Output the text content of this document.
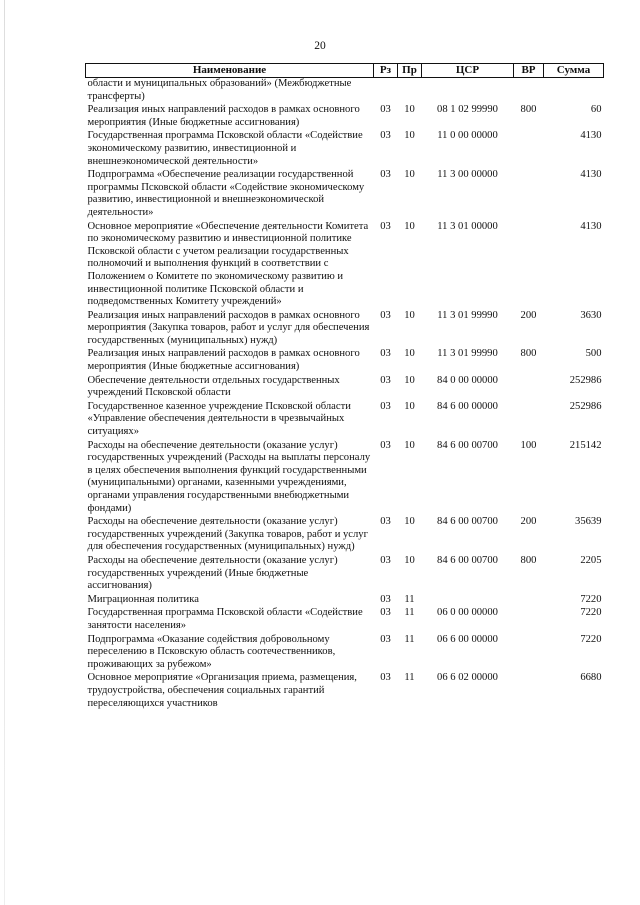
20
Наименование	Рз	Пр	ЦСР	ВР	Сумма
области и муниципальных образований» (Межбюджетные трансферты)					
Реализация иных направлений расходов в рамках основного мероприятия (Иные бюджетные ассигнования)	03	10	08 1 02 99990	800	60
Государственная программа Псковской области «Содействие экономическому развитию, инвестиционной и внешнеэкономической деятельности»	03	10	11 0 00 00000		4130
Подпрограмма «Обеспечение реализации государственной программы Псковской области «Содействие экономическому развитию, инвестиционной и внешнеэкономической деятельности»	03	10	11 3 00 00000		4130
Основное мероприятие «Обеспечение деятельности Комитета по экономическому развитию и инвестиционной политике Псковской области с учетом реализации государственных полномочий и выполнения функций в соответствии с Положением о Комитете по экономическому развитию и инвестиционной политике Псковской области и подведомственных Комитету учреждений»	03	10	11 3 01 00000		4130
Реализация иных направлений расходов в рамках основного мероприятия (Закупка товаров, работ и услуг для обеспечения государственных (муниципальных) нужд)	03	10	11 3 01 99990	200	3630
Реализация иных направлений расходов в рамках основного мероприятия (Иные бюджетные ассигнования)	03	10	11 3 01 99990	800	500
Обеспечение деятельности отдельных государственных учреждений Псковской области	03	10	84 0 00 00000		252986
Государственное казенное учреждение Псковской области «Управление обеспечения деятельности в чрезвычайных ситуациях»	03	10	84 6 00 00000		252986
Расходы на обеспечение деятельности (оказание услуг) государственных учреждений (Расходы на выплаты персоналу в целях обеспечения выполнения функций государственными (муниципальными) органами, казенными учреждениями, органами управления государственными внебюджетными фондами)	03	10	84 6 00 00700	100	215142
Расходы на обеспечение деятельности (оказание услуг) государственных учреждений (Закупка товаров, работ и услуг для обеспечения государственных (муниципальных) нужд)	03	10	84 6 00 00700	200	35639
Расходы на обеспечение деятельности (оказание услуг) государственных учреждений (Иные бюджетные ассигнования)	03	10	84 6 00 00700	800	2205
Миграционная политика	03	11			7220
Государственная программа Псковской области «Содействие занятости населения»	03	11	06 0 00 00000		7220
Подпрограмма «Оказание содействия добровольному переселению в Псковскую область соотечественников, проживающих за рубежом»	03	11	06 6 00 00000		7220
Основное мероприятие «Организация приема, размещения, трудоустройства, обеспечения социальных гарантий переселяющихся участников	03	11	06 6 02 00000		6680
